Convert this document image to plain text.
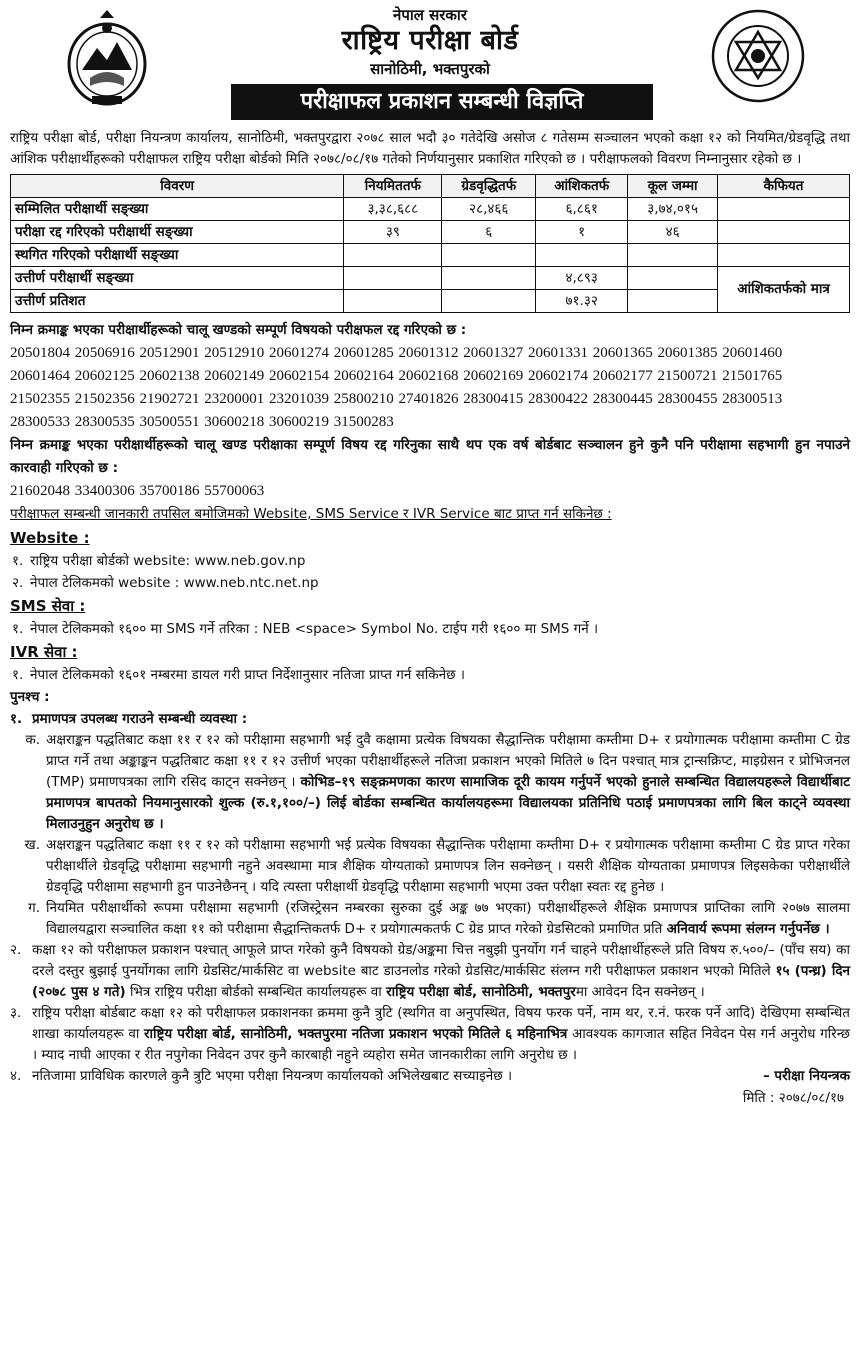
नेपाल सरकार
राष्ट्रिय परीक्षा बोर्ड
सानोठिमी, भक्तपुरको
परीक्षाफल प्रकाशन सम्बन्धी विज्ञप्ति

राष्ट्रिय परीक्षा बोर्ड, परीक्षा नियन्त्रण कार्यालय, सानोठिमी, भक्तपुरद्वारा २०७८ साल भदौ ३० गतेदेखि असोज ८ गतेसम्म सञ्चालन भएको कक्षा १२ को नियमित/ग्रेडवृद्धि तथा आंशिक परीक्षार्थीहरूको परीक्षाफल राष्ट्रिय परीक्षा बोर्डको मिति २०७८/०८/१७ गतेको निर्णयानुसार प्रकाशित गरिएको छ । परीक्षाफलको विवरण निम्नानुसार रहेको छ ।

विवरण	नियमिततर्फ	ग्रेडवृद्धितर्फ	आंशिकतर्फ	कूल जम्मा	कैफियत
सम्मिलित परीक्षार्थी सङ्ख्या	३,३८,६८८	२८,४६६	६,८६१	३,७४,०१५	
परीक्षा रद्द गरिएको परीक्षार्थी सङ्ख्या	३९	६	१	४६	
स्थगित गरिएको परीक्षार्थी सङ्ख्या					
उत्तीर्ण परीक्षार्थी सङ्ख्या			४,८९३		आंशिकतर्फको मात्र
उत्तीर्ण प्रतिशत			७१.३२		

निम्न क्रमाङ्क भएका परीक्षार्थीहरूको चालू खण्डको सम्पूर्ण विषयको परीक्षफल रद्द गरिएको छ :

20501804 20506916 20512901 20512910 20601274 20601285 20601312 20601327 20601331 20601365 20601385 20601460
20601464 20602125 20602138 20602149 20602154 20602164 20602168 20602169 20602174 20602177 21500721 21501765
21502355 21502356 21902721 23200001 23201039 25800210 27401826 28300415 28300422 28300445 28300455 28300513
28300533 28300535 30500551 30600218 30600219 31500283

निम्न क्रमाङ्क भएका परीक्षार्थीहरूको चालू खण्ड परीक्षाका सम्पूर्ण विषय रद्द गरिनुका साथै थप एक वर्ष बोर्डबाट सञ्चालन हुने कुनै पनि परीक्षामा सहभागी हुन नपाउने कारवाही गरिएको छ :

21602048 33400306 35700186 55700063

परीक्षाफल सम्बन्धी जानकारी तपसिल बमोजिमको Website, SMS Service र IVR Service बाट प्राप्त गर्न सकिनेछ :

Website :
१. राष्ट्रिय परीक्षा बोर्डको website: www.neb.gov.np
२. नेपाल टेलिकमको website : www.neb.ntc.net.np
SMS सेवा :
१. नेपाल टेलिकमको १६०० मा SMS गर्ने तरिका : NEB <space> Symbol No. टाईप गरी १६०० मा SMS गर्ने ।
IVR सेवा :
१. नेपाल टेलिकमको १६०१ नम्बरमा डायल गरी प्राप्त निर्देशानुसार नतिजा प्राप्त गर्न सकिनेछ ।
पुनश्च :
१. प्रमाणपत्र उपलब्ध गराउने सम्बन्धी व्यवस्था :
क. अक्षराङ्कन पद्धतिबाट कक्षा ११ र १२ को परीक्षामा सहभागी भई दुवै कक्षामा प्रत्येक विषयका सैद्धान्तिक परीक्षामा कम्तीमा D+ र प्रयोगात्मक परीक्षामा कम्तीमा C ग्रेड प्राप्त गर्ने तथा अङ्काङ्कन पद्धतिबाट कक्षा ११ र १२ उत्तीर्ण भएका परीक्षार्थीहरूले नतिजा प्रकाशन भएको मितिले ७ दिन पश्चात् मात्र ट्रान्सक्रिप्ट, माइग्रेसन र प्रोभिजनल (TMP) प्रमाणपत्रका लागि रसिद काट्न सक्नेछन् । कोभिड–१९ सङ्क्रमणका कारण सामाजिक दूरी कायम गर्नुपर्ने भएको हुनाले सम्बन्धित विद्यालयहरूले विद्यार्थीबाट प्रमाणपत्र बापतको नियमानुसारको शुल्क (रु.१,१००/–) लिई बोर्डका सम्बन्धित कार्यालयहरूमा विद्यालयका प्रतिनिधि पठाई प्रमाणपत्रका लागि बिल काट्ने व्यवस्था मिलाउनुहुन अनुरोध छ ।
ख. अक्षराङ्कन पद्धतिबाट कक्षा ११ र १२ को परीक्षामा सहभागी भई प्रत्येक विषयका सैद्धान्तिक परीक्षामा कम्तीमा D+ र प्रयोगात्मक परीक्षामा कम्तीमा C ग्रेड प्राप्त गरेका परीक्षार्थीले ग्रेडवृद्धि परीक्षामा सहभागी नहुने अवस्थामा मात्र शैक्षिक योग्यताको प्रमाणपत्र लिन सक्नेछन् । यसरी शैक्षिक योग्यताका प्रमाणपत्र लिइसकेका परीक्षार्थीले ग्रेडवृद्धि परीक्षामा सहभागी हुन पाउनेछैनन् । यदि त्यस्ता परीक्षार्थी ग्रेडवृद्धि परीक्षामा सहभागी भएमा उक्त परीक्षा स्वतः रद्द हुनेछ ।
ग. नियमित परीक्षार्थीको रूपमा परीक्षामा सहभागी (रजिस्ट्रेसन नम्बरका सुरुका दुई अङ्क ७७ भएका) परीक्षार्थीहरूले शैक्षिक प्रमाणपत्र प्राप्तिका लागि २०७७ सालमा विद्यालयद्वारा सञ्चालित कक्षा ११ को परीक्षामा सैद्धान्तिकतर्फ D+ र प्रयोगात्मकतर्फ C ग्रेड प्राप्त गरेको ग्रेडसिटको प्रमाणित प्रति अनिवार्य रूपमा संलग्न गर्नुपर्नेछ ।
२. कक्षा १२ को परीक्षाफल प्रकाशन पश्चात् आफूले प्राप्त गरेको कुनै विषयको ग्रेड/अङ्कमा चित्त नबुझी पुनर्योग गर्न चाहने परीक्षार्थीहरूले प्रति विषय रु.५००/– (पाँच सय) का दरले दस्तुर बुझाई पुनर्योगका लागि ग्रेडसिट/मार्कसिट वा website बाट डाउनलोड गरेको ग्रेडसिट/मार्कसिट संलग्न गरी परीक्षाफल प्रकाशन भएको मितिले १५ (पन्ध्र) दिन (२०७८ पुस ४ गते) भित्र राष्ट्रिय परीक्षा बोर्डको सम्बन्धित कार्यालयहरू वा राष्ट्रिय परीक्षा बोर्ड, सानोठिमी, भक्तपुरमा आवेदन दिन सक्नेछन् ।
३. राष्ट्रिय परीक्षा बोर्डबाट कक्षा १२ को परीक्षाफल प्रकाशनका क्रममा कुनै त्रुटि (स्थगित वा अनुपस्थित, विषय फरक पर्ने, नाम थर, र.नं. फरक पर्ने आदि) देखिएमा सम्बन्धित शाखा कार्यालयहरू वा राष्ट्रिय परीक्षा बोर्ड, सानोठिमी, भक्तपुरमा नतिजा प्रकाशन भएको मितिले ६ महिनाभित्र आवश्यक कागजात सहित निवेदन पेस गर्न अनुरोध गरिन्छ । म्याद नाघी आएका र रीत नपुगेका निवेदन उपर कुनै कारबाही नहुने व्यहोरा समेत जानकारीका लागि अनुरोध छ ।
४. नतिजामा प्राविधिक कारणले कुनै त्रुटि भएमा परीक्षा नियन्त्रण कार्यालयको अभिलेखबाट सच्याइनेछ ।	– परीक्षा नियन्त्रक
मिति : २०७८/०८/१७
